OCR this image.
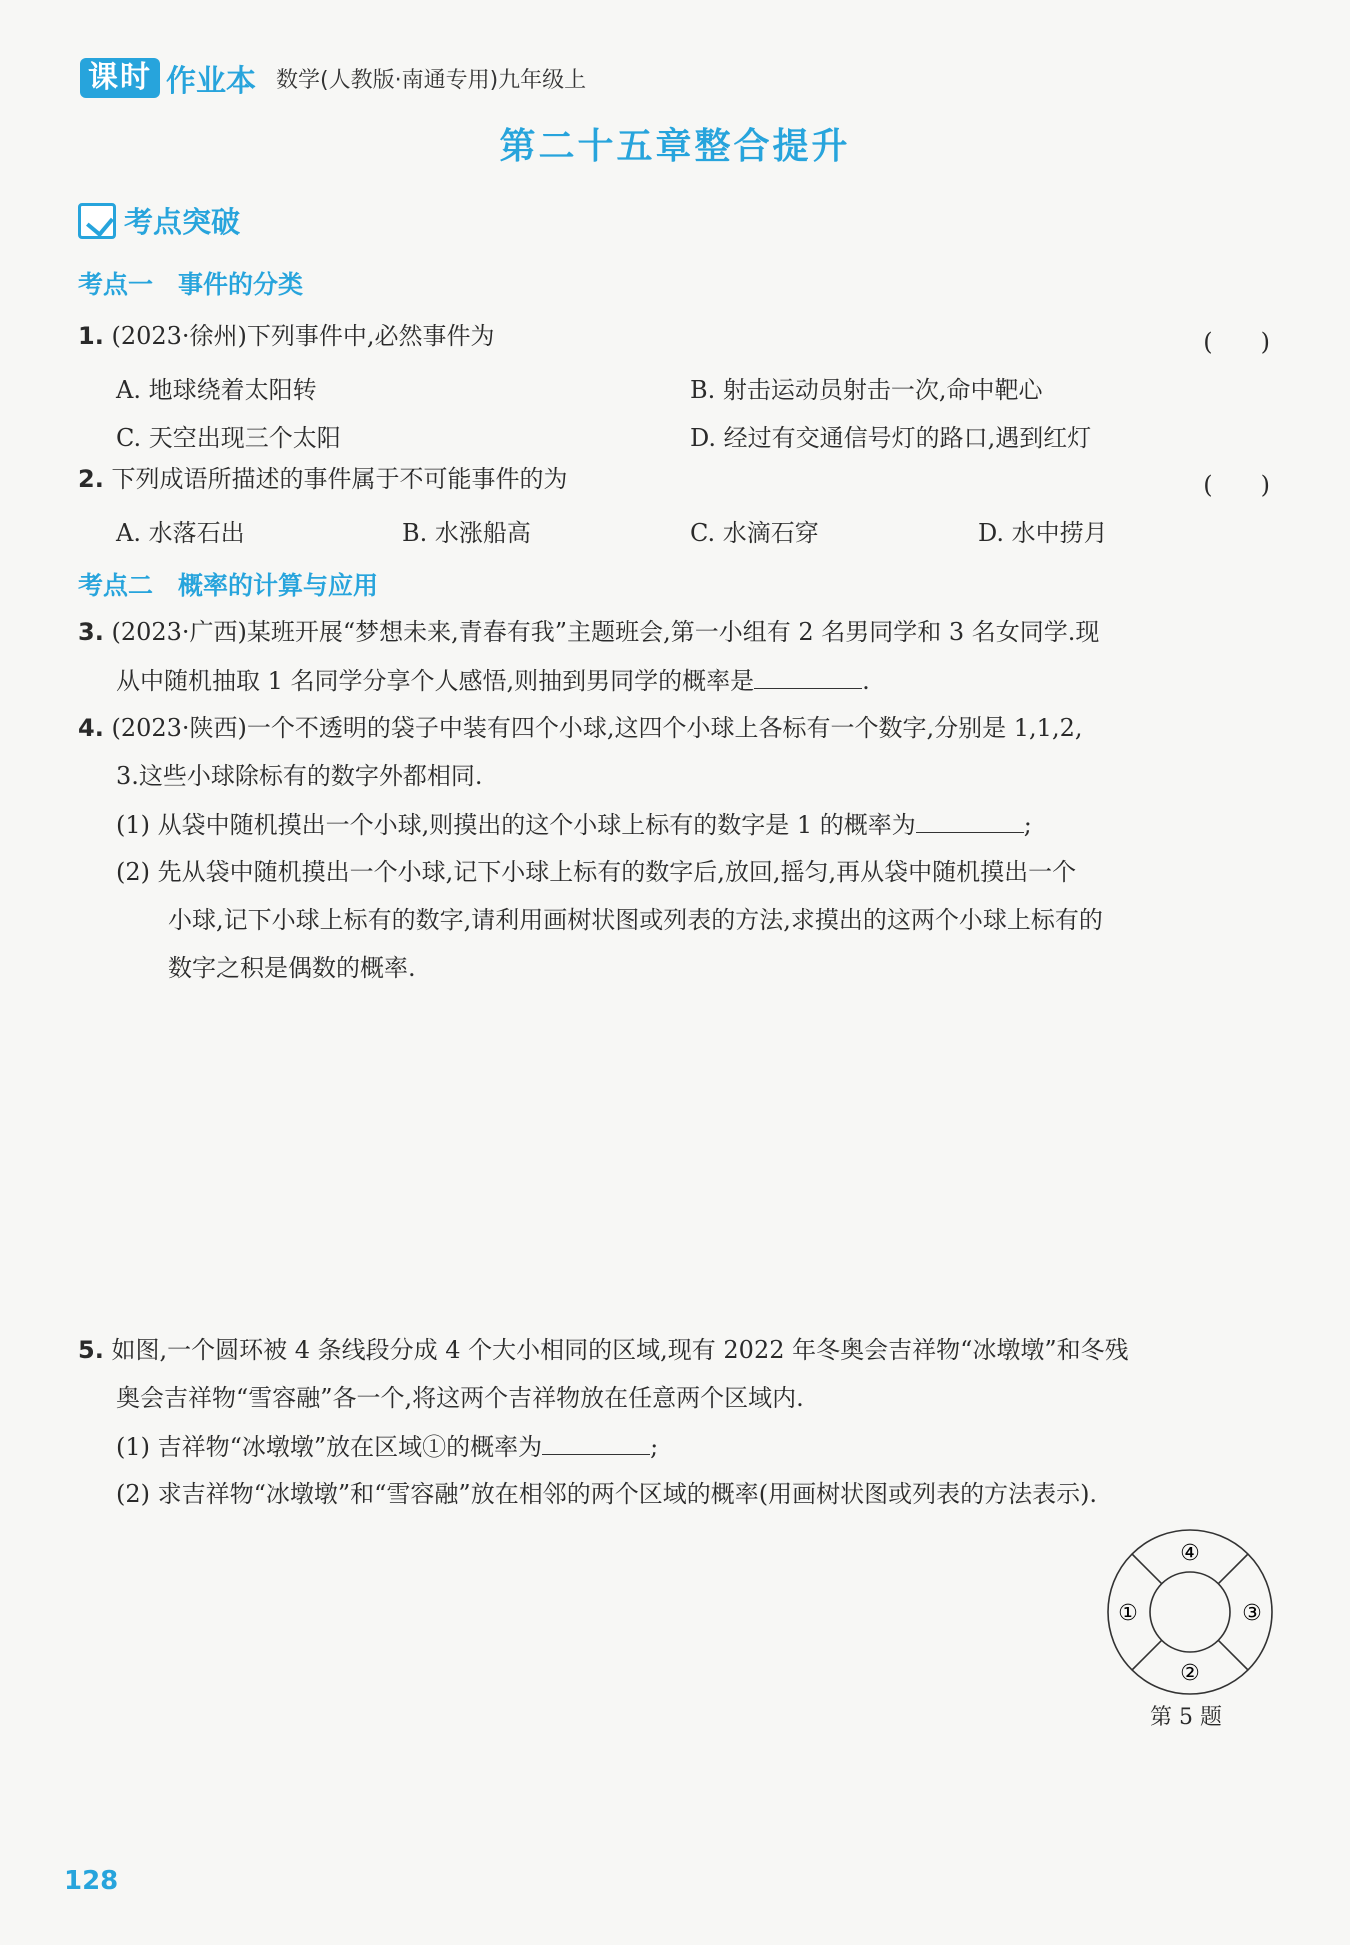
课时 作业本 数学(人教版·南通专用)九年级上
第二十五章整合提升
考点突破
考点一　事件的分类
1. (2023·徐州)下列事件中,必然事件为	(　　)
A. 地球绕着太阳转	B. 射击运动员射击一次,命中靶心
C. 天空出现三个太阳	D. 经过有交通信号灯的路口,遇到红灯
2. 下列成语所描述的事件属于不可能事件的为	(　　)
A. 水落石出	B. 水涨船高	C. 水滴石穿	D. 水中捞月
考点二　概率的计算与应用
3. (2023·广西)某班开展“梦想未来,青春有我”主题班会,第一小组有 2 名男同学和 3 名女同学.现
从中随机抽取 1 名同学分享个人感悟,则抽到男同学的概率是	.
4. (2023·陕西)一个不透明的袋子中装有四个小球,这四个小球上各标有一个数字,分别是 1,1,2,
3.这些小球除标有的数字外都相同.
(1) 从袋中随机摸出一个小球,则摸出的这个小球上标有的数字是 1 的概率为	;
(2) 先从袋中随机摸出一个小球,记下小球上标有的数字后,放回,摇匀,再从袋中随机摸出一个
小球,记下小球上标有的数字,请利用画树状图或列表的方法,求摸出的这两个小球上标有的
数字之积是偶数的概率.
5. 如图,一个圆环被 4 条线段分成 4 个大小相同的区域,现有 2022 年冬奥会吉祥物“冰墩墩”和冬残
奥会吉祥物“雪容融”各一个,将这两个吉祥物放在任意两个区域内.
(1) 吉祥物“冰墩墩”放在区域①的概率为	;
(2) 求吉祥物“冰墩墩”和“雪容融”放在相邻的两个区域的概率(用画树状图或列表的方法表示).
①
②
③
④
第 5 题
128
